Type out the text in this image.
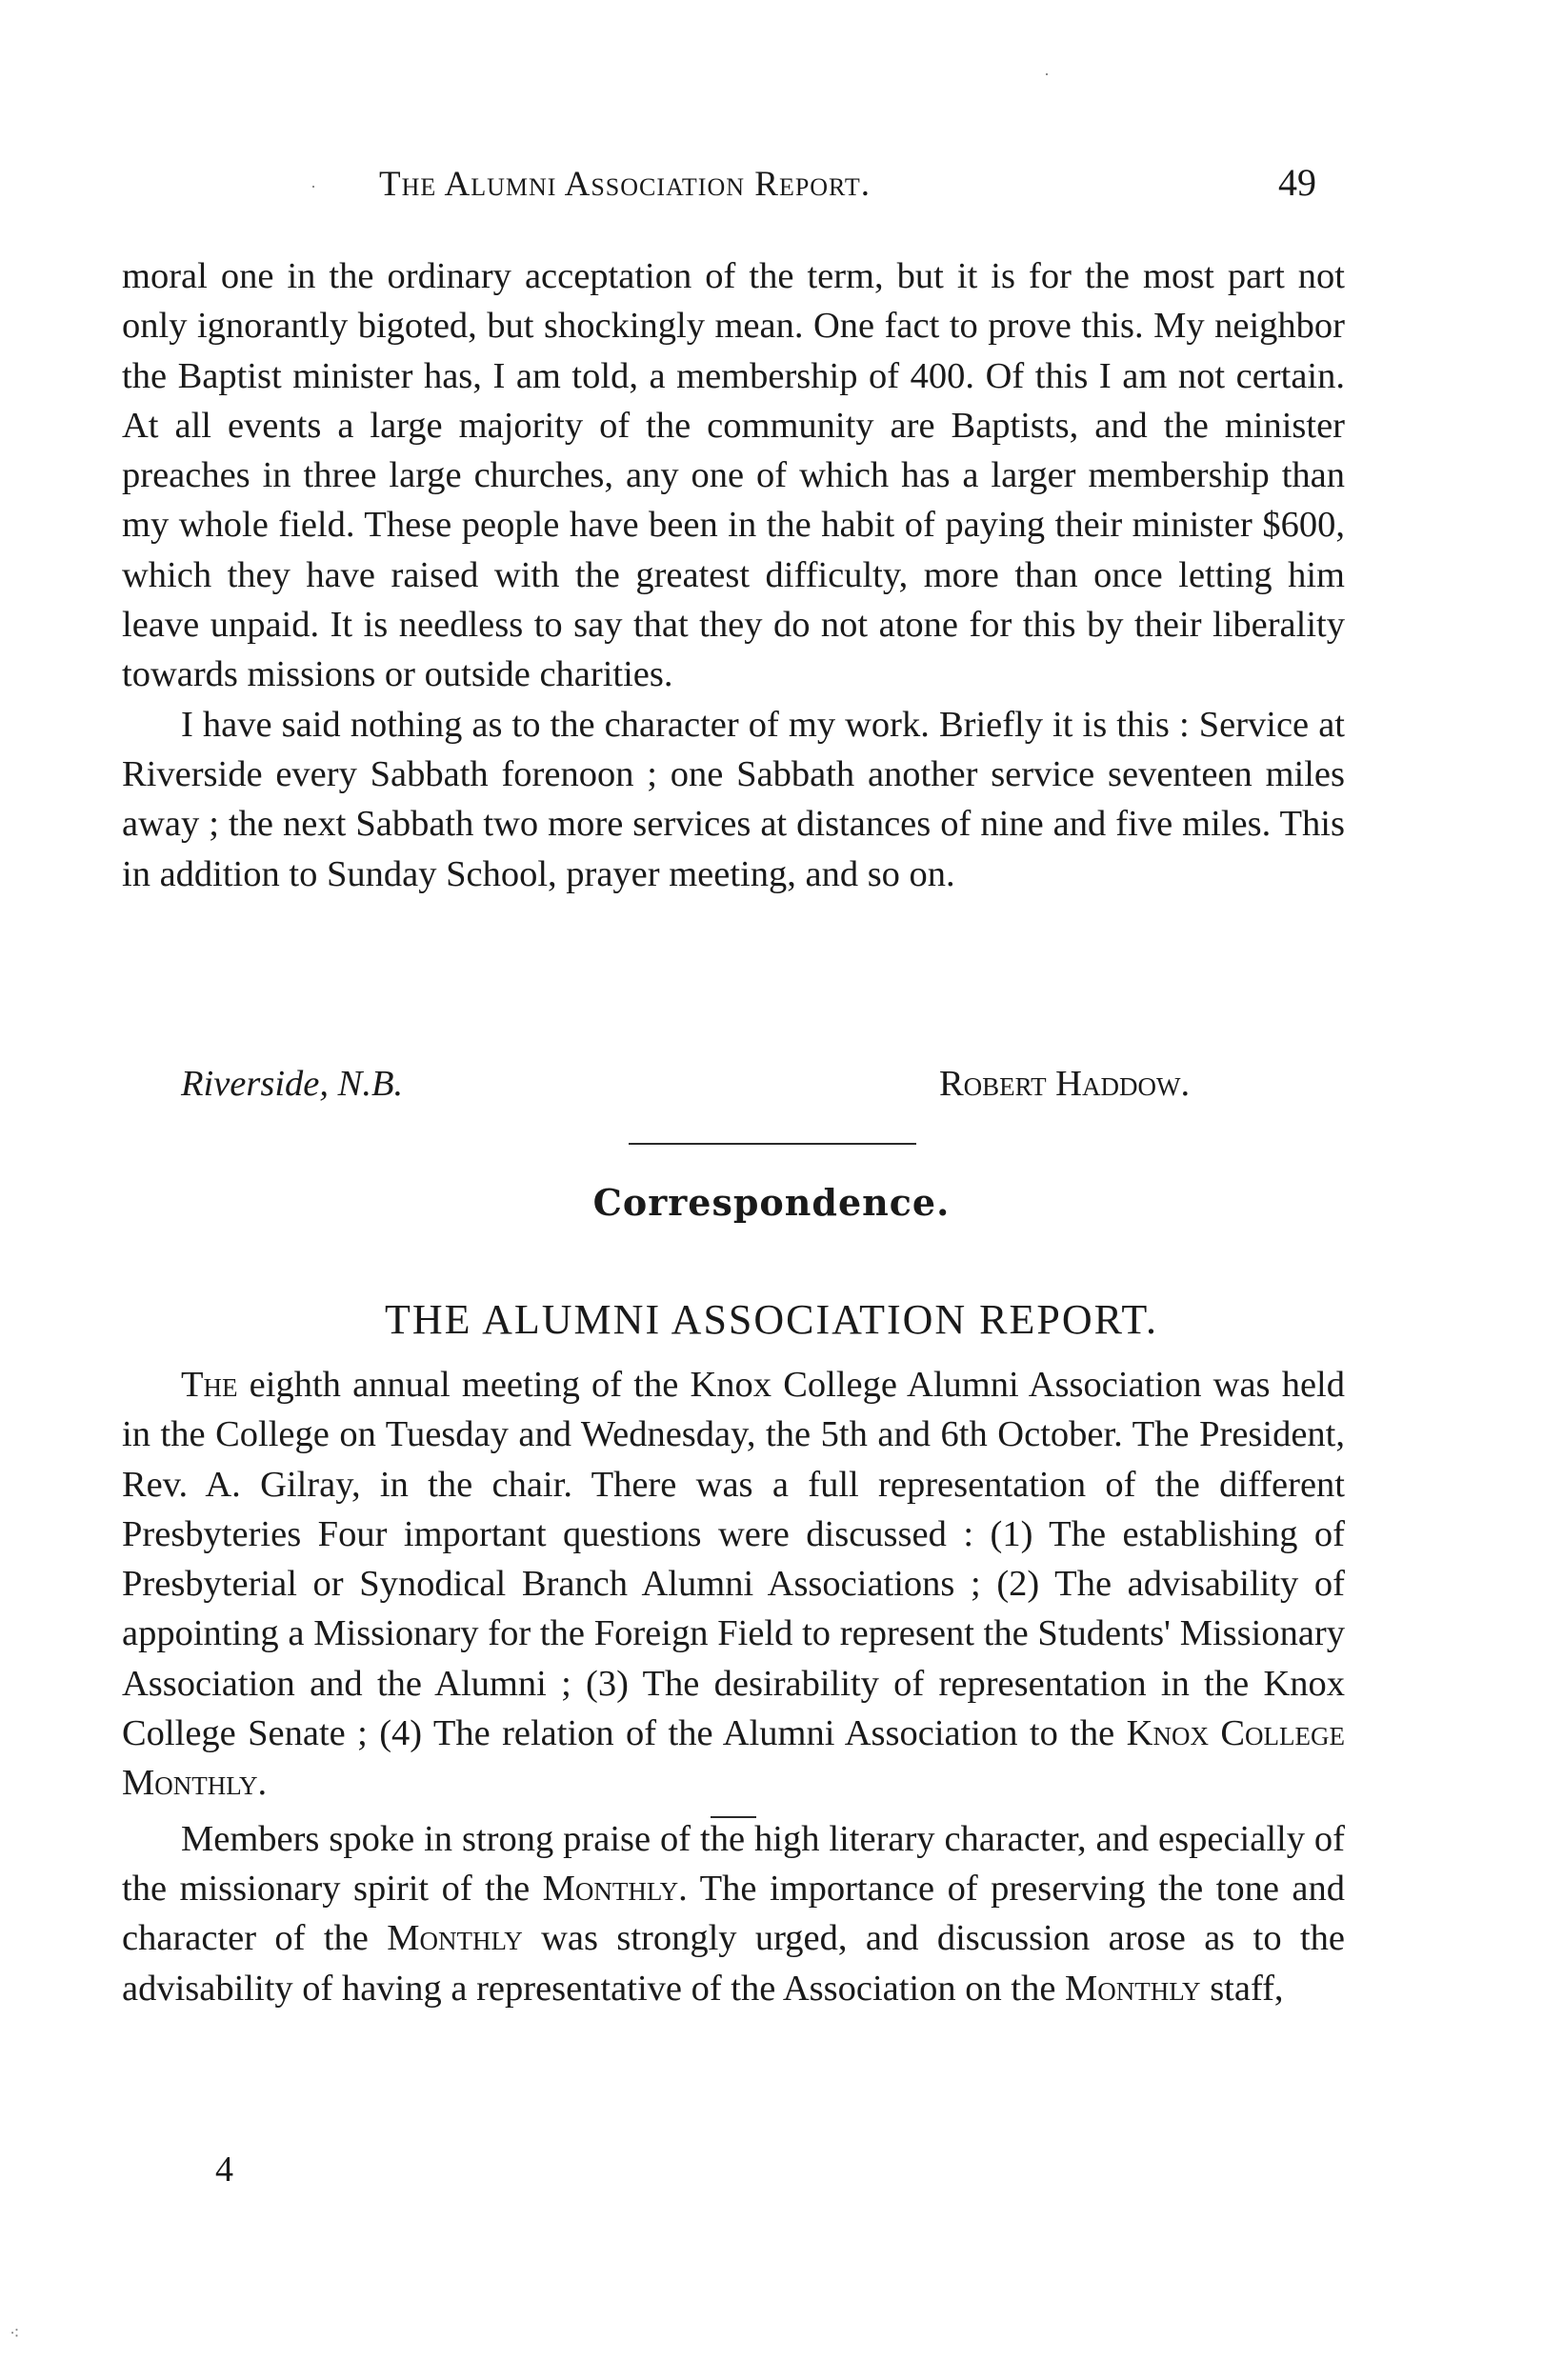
The Alumni Association Report.	49

moral one in the ordinary acceptation of the term, but it is for the most part not only ignorantly bigoted, but shockingly mean. One fact to prove this. My neighbor the Baptist minister has, I am told, a membership of 400. Of this I am not certain. At all events a large majority of the community are Baptists, and the minister preaches in three large churches, any one of which has a larger membership than my whole field. These people have been in the habit of paying their minister $600, which they have raised with the greatest difficulty, more than once letting him leave unpaid. It is needless to say that they do not atone for this by their liberality towards missions or outside charities.

I have said nothing as to the character of my work. Briefly it is this : Service at Riverside every Sabbath forenoon ; one Sabbath another service seventeen miles away ; the next Sabbath two more services at distances of nine and five miles. This in addition to Sunday School, prayer meeting, and so on.

Riverside, N.B.	Robert Haddow.
Correspondence.
THE ALUMNI ASSOCIATION REPORT.

The eighth annual meeting of the Knox College Alumni Association was held in the College on Tuesday and Wednesday, the 5th and 6th October. The President, Rev. A. Gilray, in the chair. There was a full representation of the different Presbyteries Four important questions were discussed : (1) The establishing of Presbyterial or Synodical Branch Alumni Associations ; (2) The advisability of appointing a Missionary for the Foreign Field to represent the Students' Missionary Association and the Alumni ; (3) The desirability of representation in the Knox College Senate ; (4) The relation of the Alumni Association to the Knox College Monthly.

Members spoke in strong praise of the high literary character, and especially of the missionary spirit of the Monthly. The importance of preserving the tone and character of the Monthly was strongly urged, and discussion arose as to the advisability of having a representative of the Association on the Monthly staff,

4
·
·
⁖
